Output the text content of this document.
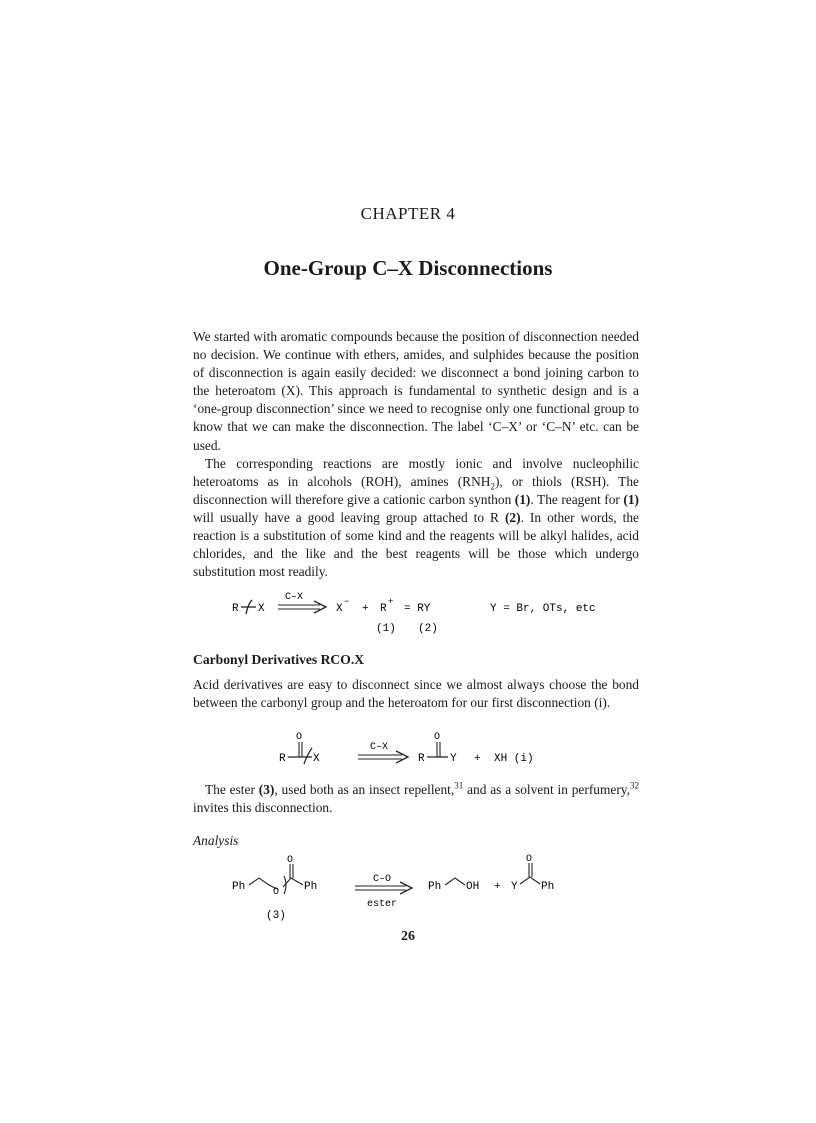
CHAPTER 4
One-Group C–X Disconnections

We started with aromatic compounds because the position of disconnection needed no decision. We continue with ethers, amides, and sulphides because the position of disconnection is again easily decided: we disconnect a bond joining carbon to the heteroatom (X). This approach is fundamental to synthetic design and is a ‘one-group disconnection’ since we need to recognise only one functional group to know that we can make the disconnection. The label ‘C–X’ or ‘C–N’ etc. can be used.

The corresponding reactions are mostly ionic and involve nucleophilic heteroatoms as in alcohols (ROH), amines $(RNH_2)$, or thiols (RSH). The disconnection will therefore give a cationic carbon synthon (1). The reagent for (1) will usually have a good leaving group attached to R (2). In other words, the reaction is a substitution of some kind and the reagents will be alkyl halides, acid chlorides, and the like and the best reagents will be those which undergo substitution most readily.

R X
C–X
X
−
+ R
+
= RY
(1) (2)
Y = Br, OTs, etc
Carbonyl Derivatives RCO.X

Acid derivatives are easy to disconnect since we almost always choose the bond between the carbonyl group and the heteroatom for our first disconnection (i).

R
O
X
C–X
R
O
Y + XH (i)

The ester (3), used both as an insect repellent,$^{31}$ and as a solvent in perfumery,$^{32}$ invites this disconnection.

Analysis
Ph	O
O
Ph
(3)
C–O
ester
Ph OH + Y
O
Ph
26
